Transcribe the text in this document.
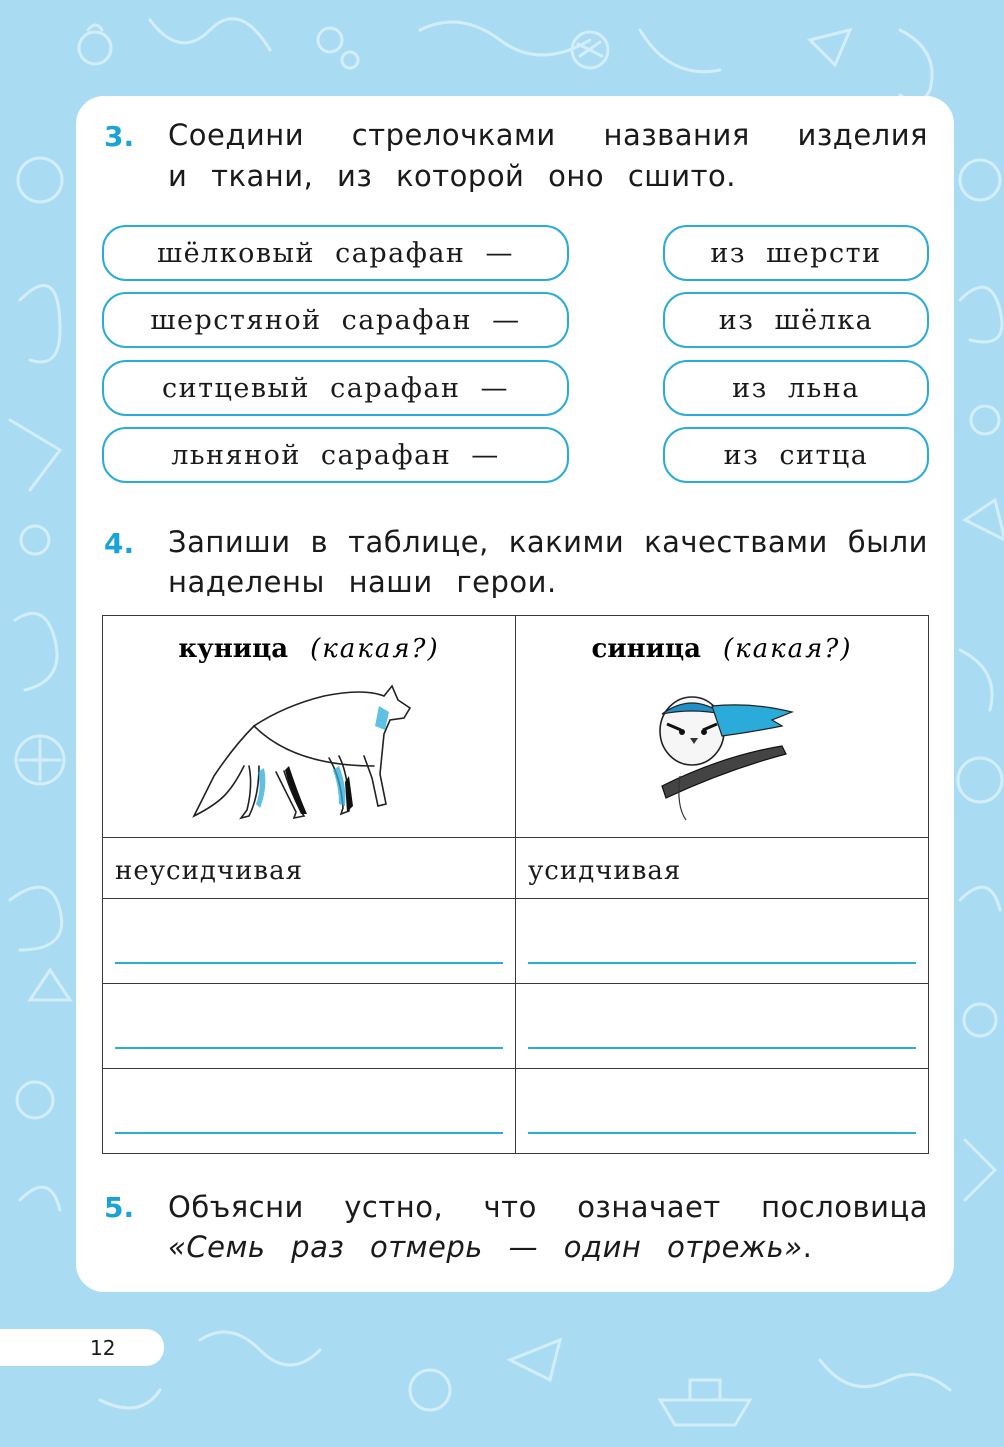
3. Соедини стрелочками названия изделия
и ткани, из которой оно сшито.
шёлковый сарафан —
шерстяной сарафан —
ситцевый сарафан —
льняной сарафан —
из шерсти
из шёлка
из льна
из ситца
4. Запиши в таблице, какими качествами были
наделены наши герои.
куница (какая?)	синица (какая?)

неусидчивая	усидчивая

5. Объясни устно, что означает пословица
«Семь раз отмерь — один отрежь».
12
